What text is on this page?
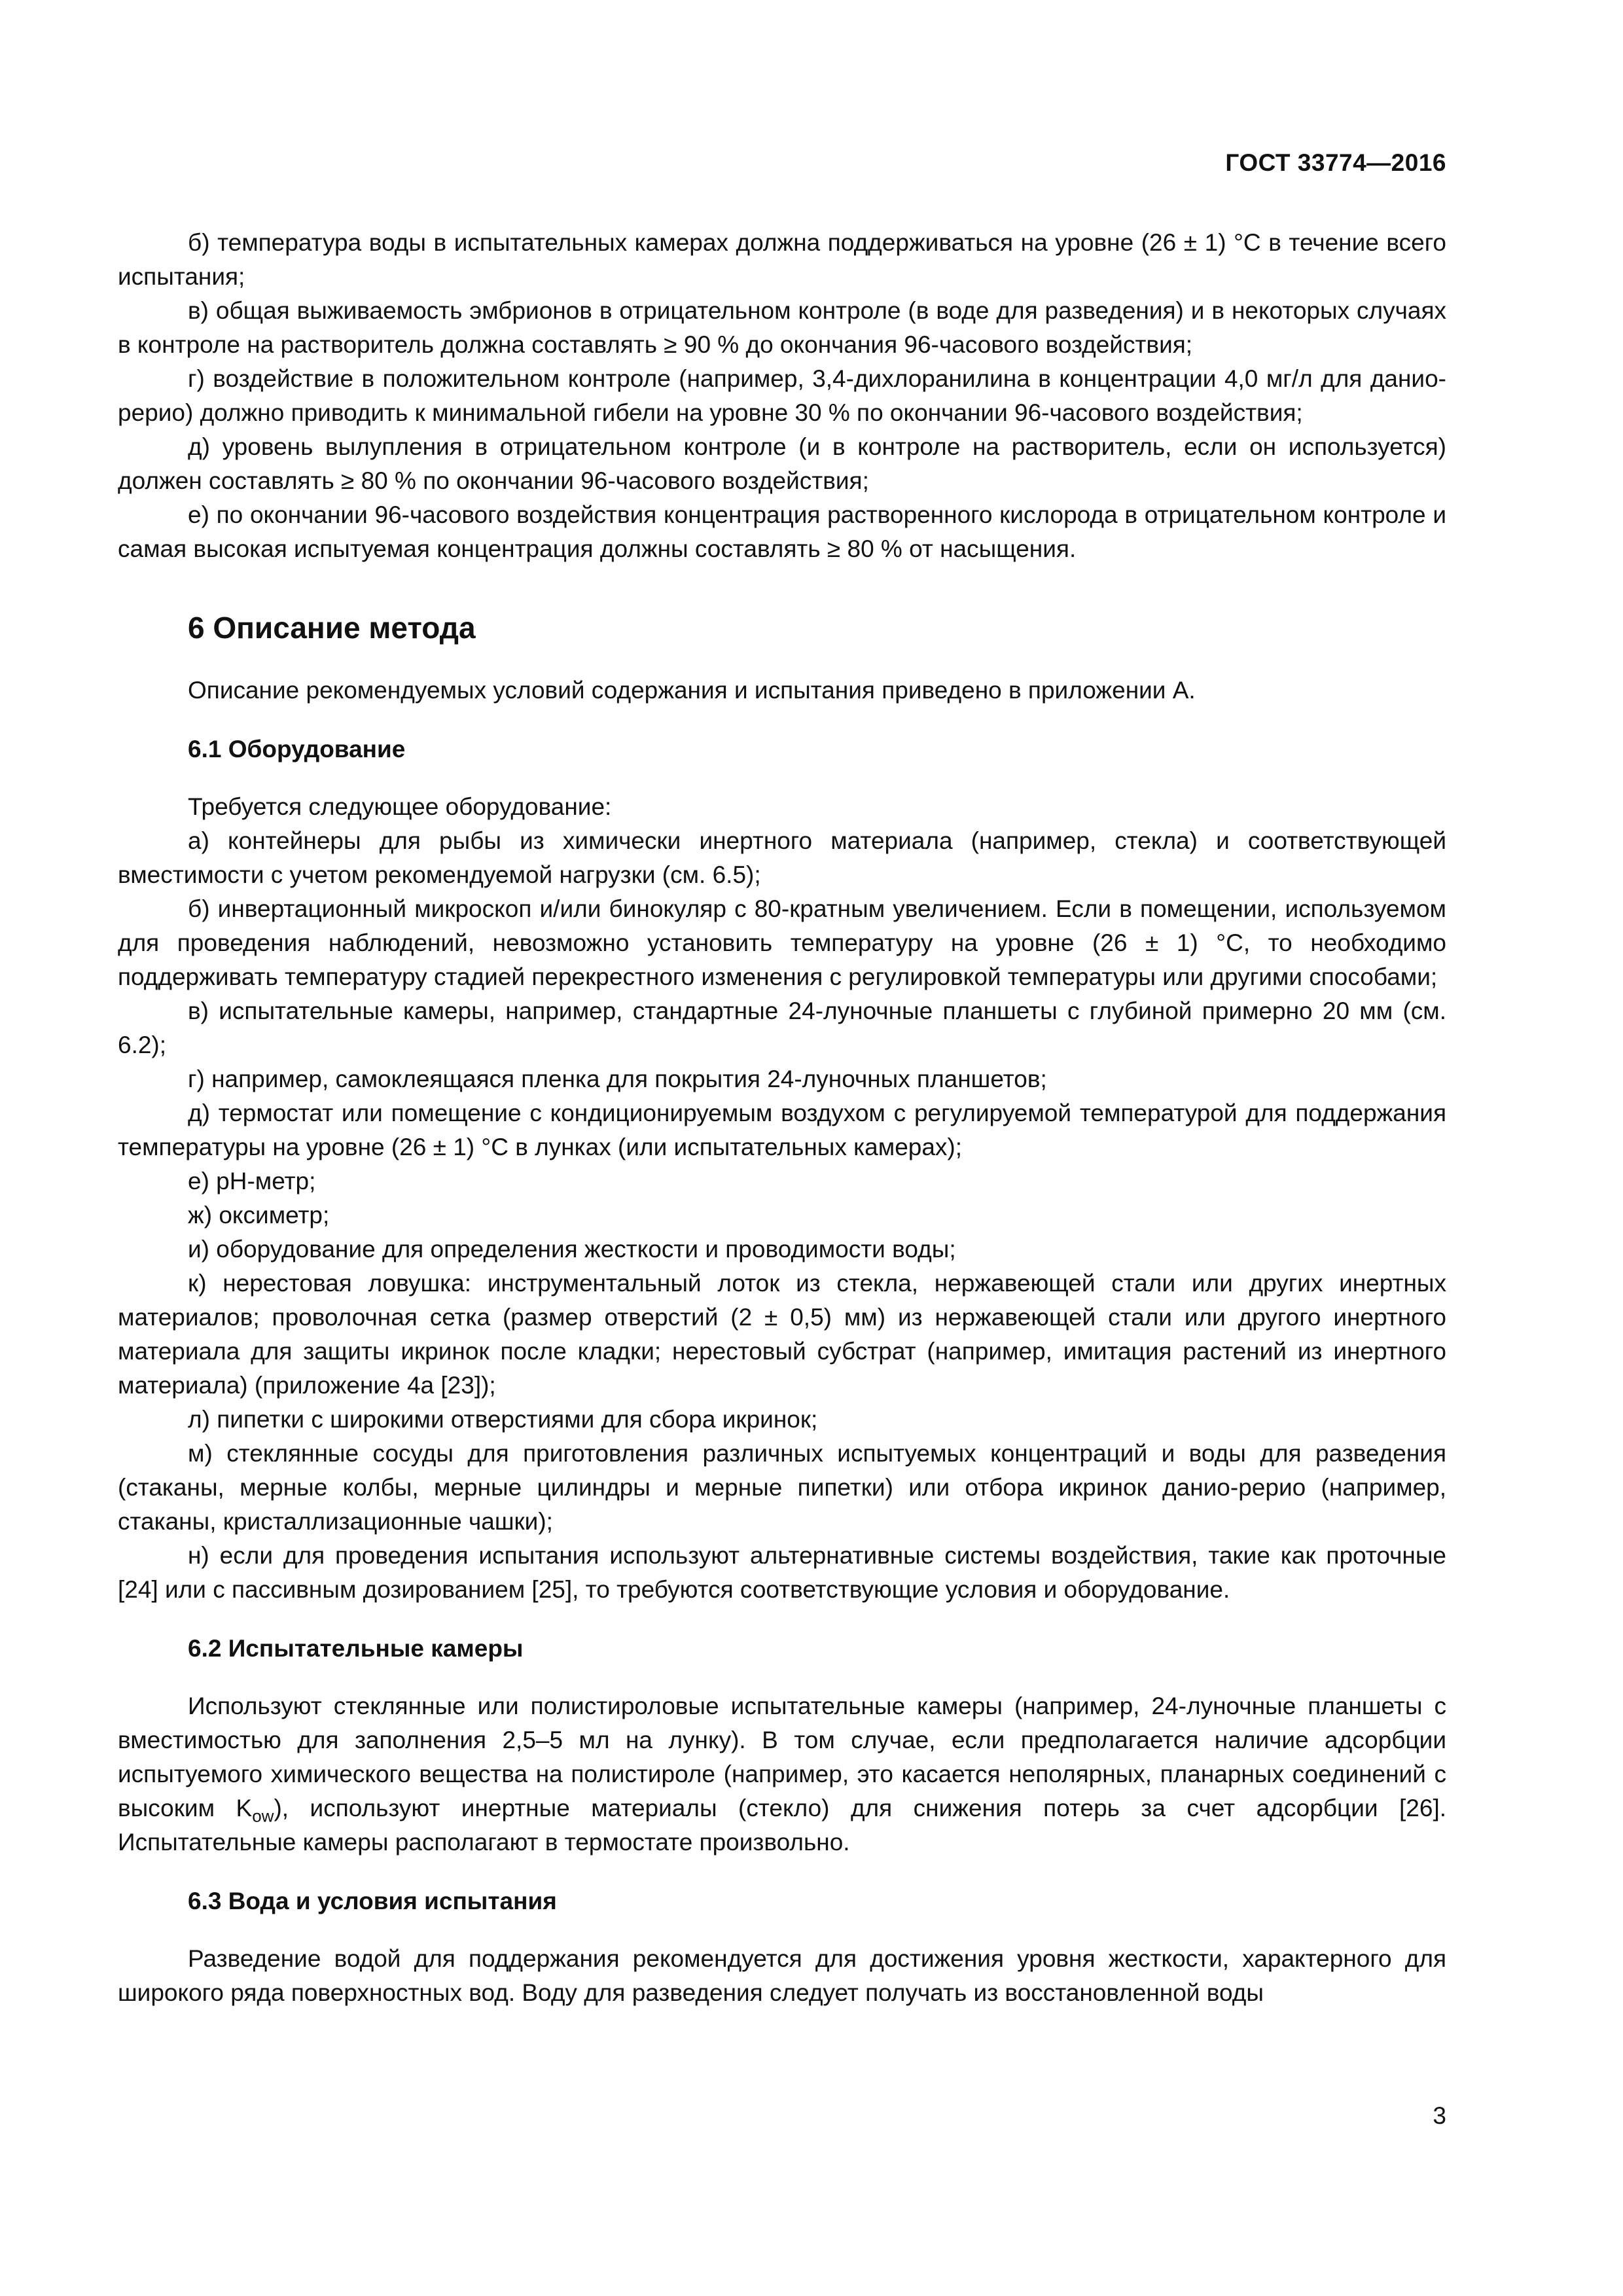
ГОСТ 33774—2016

б) температура воды в испытательных камерах должна поддерживаться на уровне (26 ± 1) °С в течение всего испытания;

в) общая выживаемость эмбрионов в отрицательном контроле (в воде для разведения) и в некоторых случаях в контроле на растворитель должна составлять ≥ 90 % до окончания 96-часового воздействия;

г) воздействие в положительном контроле (например, 3,4-дихлоранилина в концентрации 4,0 мг/л для данио-рерио) должно приводить к минимальной гибели на уровне 30 % по окончании 96-часового воздействия;

д) уровень вылупления в отрицательном контроле (и в контроле на растворитель, если он используется) должен составлять ≥ 80 % по окончании 96-часового воздействия;

е) по окончании 96-часового воздействия концентрация растворенного кислорода в отрицательном контроле и самая высокая испытуемая концентрация должны составлять ≥ 80 % от насыщения.

6 Описание метода

Описание рекомендуемых условий содержания и испытания приведено в приложении А.

6.1 Оборудование

Требуется следующее оборудование:

а) контейнеры для рыбы из химически инертного материала (например, стекла) и соответствующей вместимости с учетом рекомендуемой нагрузки (см. 6.5);

б) инвертационный микроскоп и/или бинокуляр с 80-кратным увеличением. Если в помещении, используемом для проведения наблюдений, невозможно установить температуру на уровне (26 ± 1) °С, то необходимо поддерживать температуру стадией перекрестного изменения с регулировкой температуры или другими способами;

в) испытательные камеры, например, стандартные 24-луночные планшеты с глубиной примерно 20 мм (см. 6.2);

г) например, самоклеящаяся пленка для покрытия 24-луночных планшетов;

д) термостат или помещение с кондиционируемым воздухом с регулируемой температурой для поддержания температуры на уровне (26 ± 1) °С в лунках (или испытательных камерах);

е) рН-метр;

ж) оксиметр;

и) оборудование для определения жесткости и проводимости воды;

к) нерестовая ловушка: инструментальный лоток из стекла, нержавеющей стали или других инертных материалов; проволочная сетка (размер отверстий (2 ± 0,5) мм) из нержавеющей стали или другого инертного материала для защиты икринок после кладки; нерестовый субстрат (например, имитация растений из инертного материала) (приложение 4а [23]);

л) пипетки с широкими отверстиями для сбора икринок;

м) стеклянные сосуды для приготовления различных испытуемых концентраций и воды для разведения (стаканы, мерные колбы, мерные цилиндры и мерные пипетки) или отбора икринок данио-рерио (например, стаканы, кристаллизационные чашки);

н) если для проведения испытания используют альтернативные системы воздействия, такие как проточные [24] или с пассивным дозированием [25], то требуются соответствующие условия и оборудование.

6.2 Испытательные камеры

Используют стеклянные или полистироловые испытательные камеры (например, 24-луночные планшеты с вместимостью для заполнения 2,5–5 мл на лунку). В том случае, если предполагается наличие адсорбции испытуемого химического вещества на полистироле (например, это касается неполярных, планарных соединений с высоким $K_{ow}$), используют инертные материалы (стекло) для снижения потерь за счет адсорбции [26]. Испытательные камеры располагают в термостате произвольно.

6.3 Вода и условия испытания

Разведение водой для поддержания рекомендуется для достижения уровня жесткости, характерного для широкого ряда поверхностных вод. Воду для разведения следует получать из восстановленной воды

3
